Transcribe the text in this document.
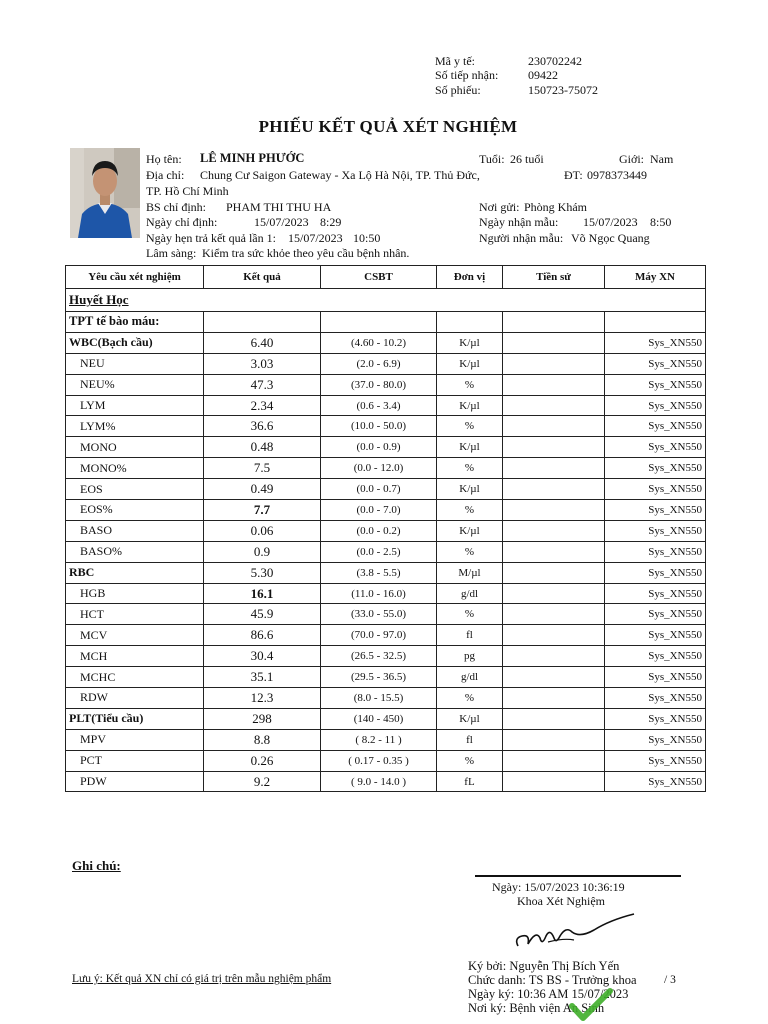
Mã y tế:	230702242
Số tiếp nhận: 09422
Số phiếu:	150723-75072
PHIẾU KẾT QUẢ XÉT NGHIỆM
Họ tên: LÊ MINH PHƯỚC	Tuổi: 26 tuổi	Giới: Nam
Địa chỉ: Chung Cư Saigon Gateway - Xa Lộ Hà Nội, TP. Thủ Đức,	ĐT: 0978373449
TP. Hồ Chí Minh
BS chỉ định: PHAM THI THU HA	Nơi gửi: Phòng Khám
Ngày chỉ định:	15/07/2023 8:29	Ngày nhận mẫu: 15/07/2023 8:50
Ngày hẹn trả kết quả lần 1: 15/07/2023 10:50	Người nhận mẫu: Võ Ngọc Quang
Lâm sàng: Kiểm tra sức khỏe theo yêu cầu bệnh nhân.
Yêu cầu xét nghiệm	Kết quả	CSBT	Đơn vị	Tiền sử	Máy XN
Huyết Học					
TPT tế bào máu:					
WBC(Bạch cầu)	6.40	(4.60 - 10.2)	K/µl		Sys_XN550
NEU	3.03	(2.0 - 6.9)	K/µl		Sys_XN550
NEU%	47.3	(37.0 - 80.0)	%		Sys_XN550
LYM	2.34	(0.6 - 3.4)	K/µl		Sys_XN550
LYM%	36.6	(10.0 - 50.0)	%		Sys_XN550
MONO	0.48	(0.0 - 0.9)	K/µl		Sys_XN550
MONO%	7.5	(0.0 - 12.0)	%		Sys_XN550
EOS	0.49	(0.0 - 0.7)	K/µl		Sys_XN550
EOS%	7.7	(0.0 - 7.0)	%		Sys_XN550
BASO	0.06	(0.0 - 0.2)	K/µl		Sys_XN550
BASO%	0.9	(0.0 - 2.5)	%		Sys_XN550
RBC	5.30	(3.8 - 5.5)	M/µl		Sys_XN550
HGB	16.1	(11.0 - 16.0)	g/dl		Sys_XN550
HCT	45.9	(33.0 - 55.0)	%		Sys_XN550
MCV	86.6	(70.0 - 97.0)	fl		Sys_XN550
MCH	30.4	(26.5 - 32.5)	pg		Sys_XN550
MCHC	35.1	(29.5 - 36.5)	g/dl		Sys_XN550
RDW	12.3	(8.0 - 15.5)	%		Sys_XN550
PLT(Tiểu cầu)	298	(140 - 450)	K/µl		Sys_XN550
MPV	8.8	( 8.2 - 11 )	fl		Sys_XN550
PCT	0.26	( 0.17 - 0.35 )	%		Sys_XN550
PDW	9.2	( 9.0 - 14.0 )	fL		Sys_XN550
Ghi chú:
Ngày: 15/07/2023 10:36:19
Khoa Xét Nghiệm
Ký bởi: Nguyễn Thị Bích Yến
Chức danh: TS BS - Trưởng khoa
Ngày ký: 10:36 AM 15/07/2023
Nơi ký: Bệnh viện An Sinh
/ 3
Lưu ý: Kết quả XN chỉ có giá trị trên mẫu nghiệm phẩm
